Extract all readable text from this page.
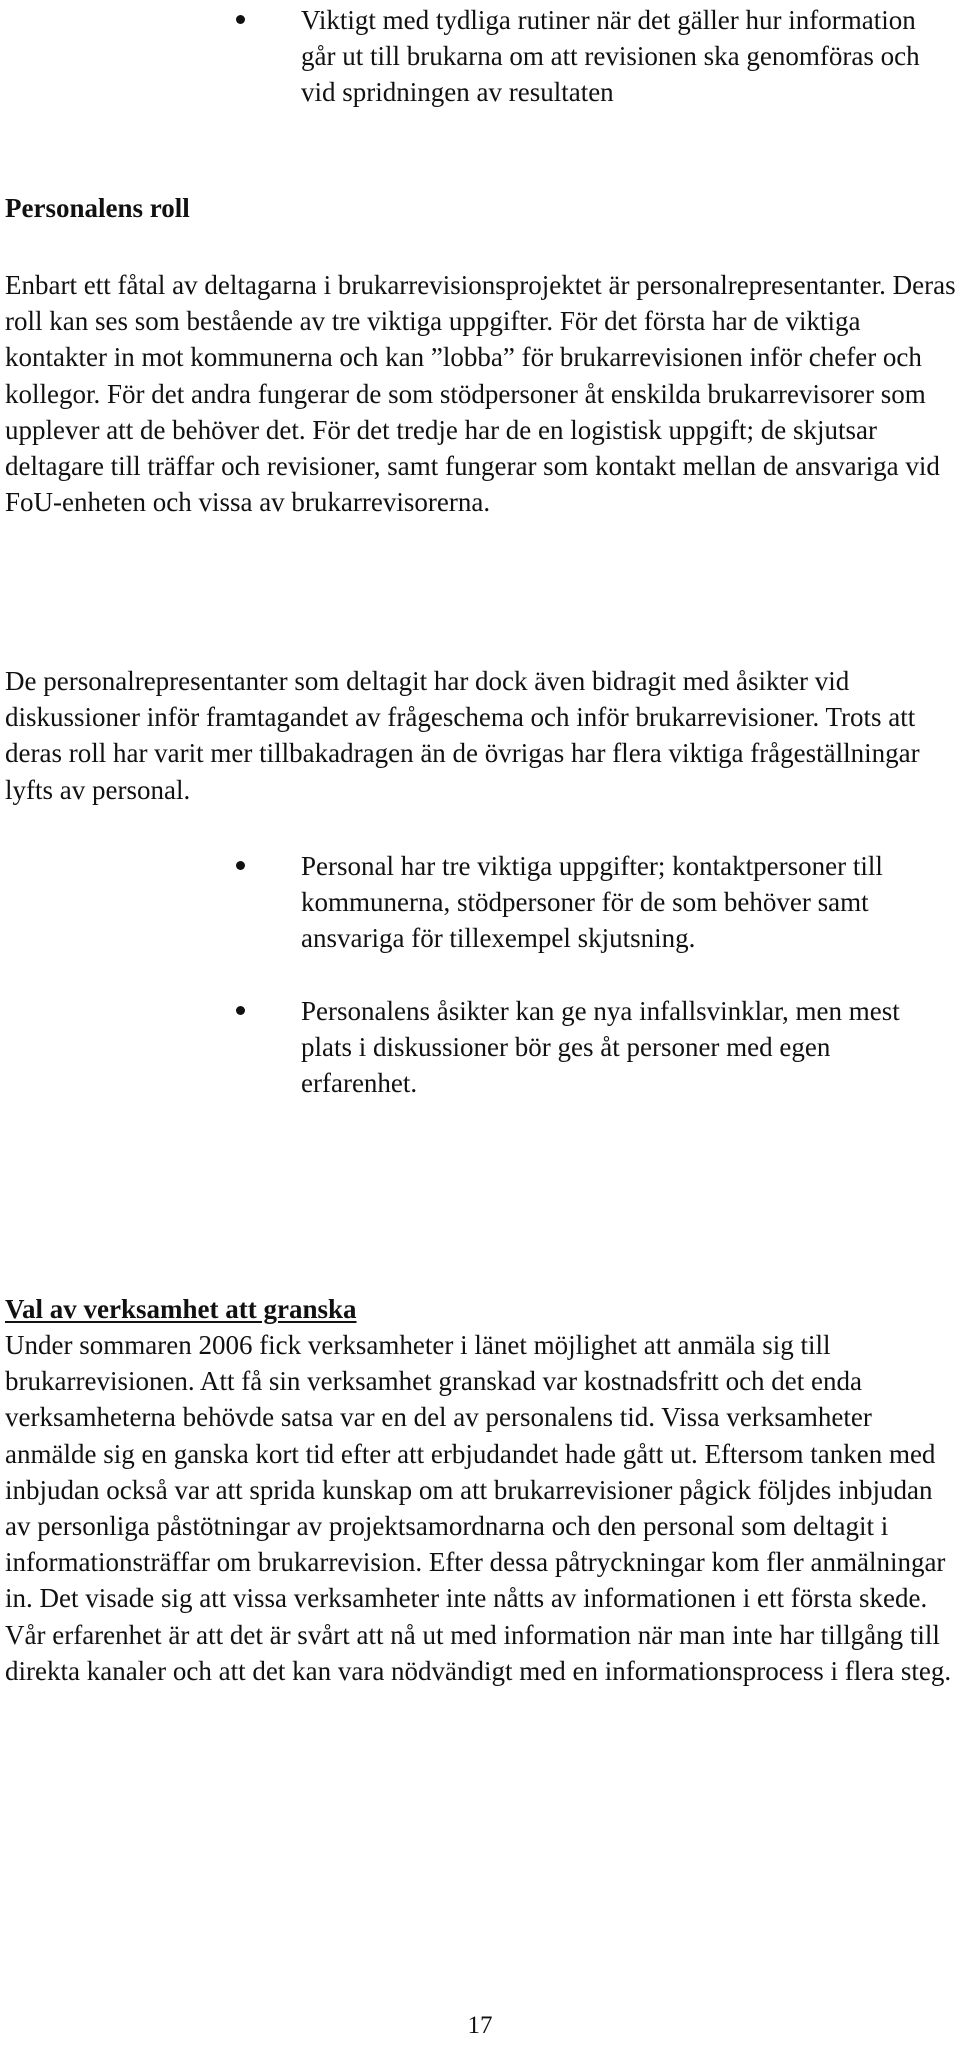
Viktigt med tydliga rutiner när det gäller hur information går ut till brukarna om att revisionen ska genomföras och vid spridningen av resultaten
Personalens roll

Enbart ett fåtal av deltagarna i brukarrevisionsprojektet är personalrepresentanter. Deras roll kan ses som bestående av tre viktiga uppgifter. För det första har de viktiga kontakter in mot kommunerna och kan ”lobba” för brukarrevisionen inför chefer och kollegor. För det andra fungerar de som stödpersoner åt enskilda brukarrevisorer som upplever att de behöver det. För det tredje har de en logistisk uppgift; de skjutsar deltagare till träffar och revisioner, samt fungerar som kontakt mellan de ansvariga vid FoU-enheten och vissa av brukarrevisorerna.

De personalrepresentanter som deltagit har dock även bidragit med åsikter vid diskussioner inför framtagandet av frågeschema och inför brukarrevisioner. Trots att deras roll har varit mer tillbakadragen än de övrigas har flera viktiga frågeställningar lyfts av personal.

Personal har tre viktiga uppgifter; kontaktpersoner till kommunerna, stödpersoner för de som behöver samt ansvariga för tillexempel skjutsning.
Personalens åsikter kan ge nya infallsvinklar, men mest plats i diskussioner bör ges åt personer med egen erfarenhet.
Val av verksamhet att granska

Under sommaren 2006 fick verksamheter i länet möjlighet att anmäla sig till brukarrevisionen. Att få sin verksamhet granskad var kostnadsfritt och det enda verksamheterna behövde satsa var en del av personalens tid. Vissa verksamheter anmälde sig en ganska kort tid efter att erbjudandet hade gått ut. Eftersom tanken med inbjudan också var att sprida kunskap om att brukarrevisioner pågick följdes inbjudan av personliga påstötningar av projektsamordnarna och den personal som deltagit i informationsträffar om brukarrevision. Efter dessa påtryckningar kom fler anmälningar in. Det visade sig att vissa verksamheter inte nåtts av informationen i ett första skede. Vår erfarenhet är att det är svårt att nå ut med information när man inte har tillgång till direkta kanaler och att det kan vara nödvändigt med en informationsprocess i flera steg.

17
